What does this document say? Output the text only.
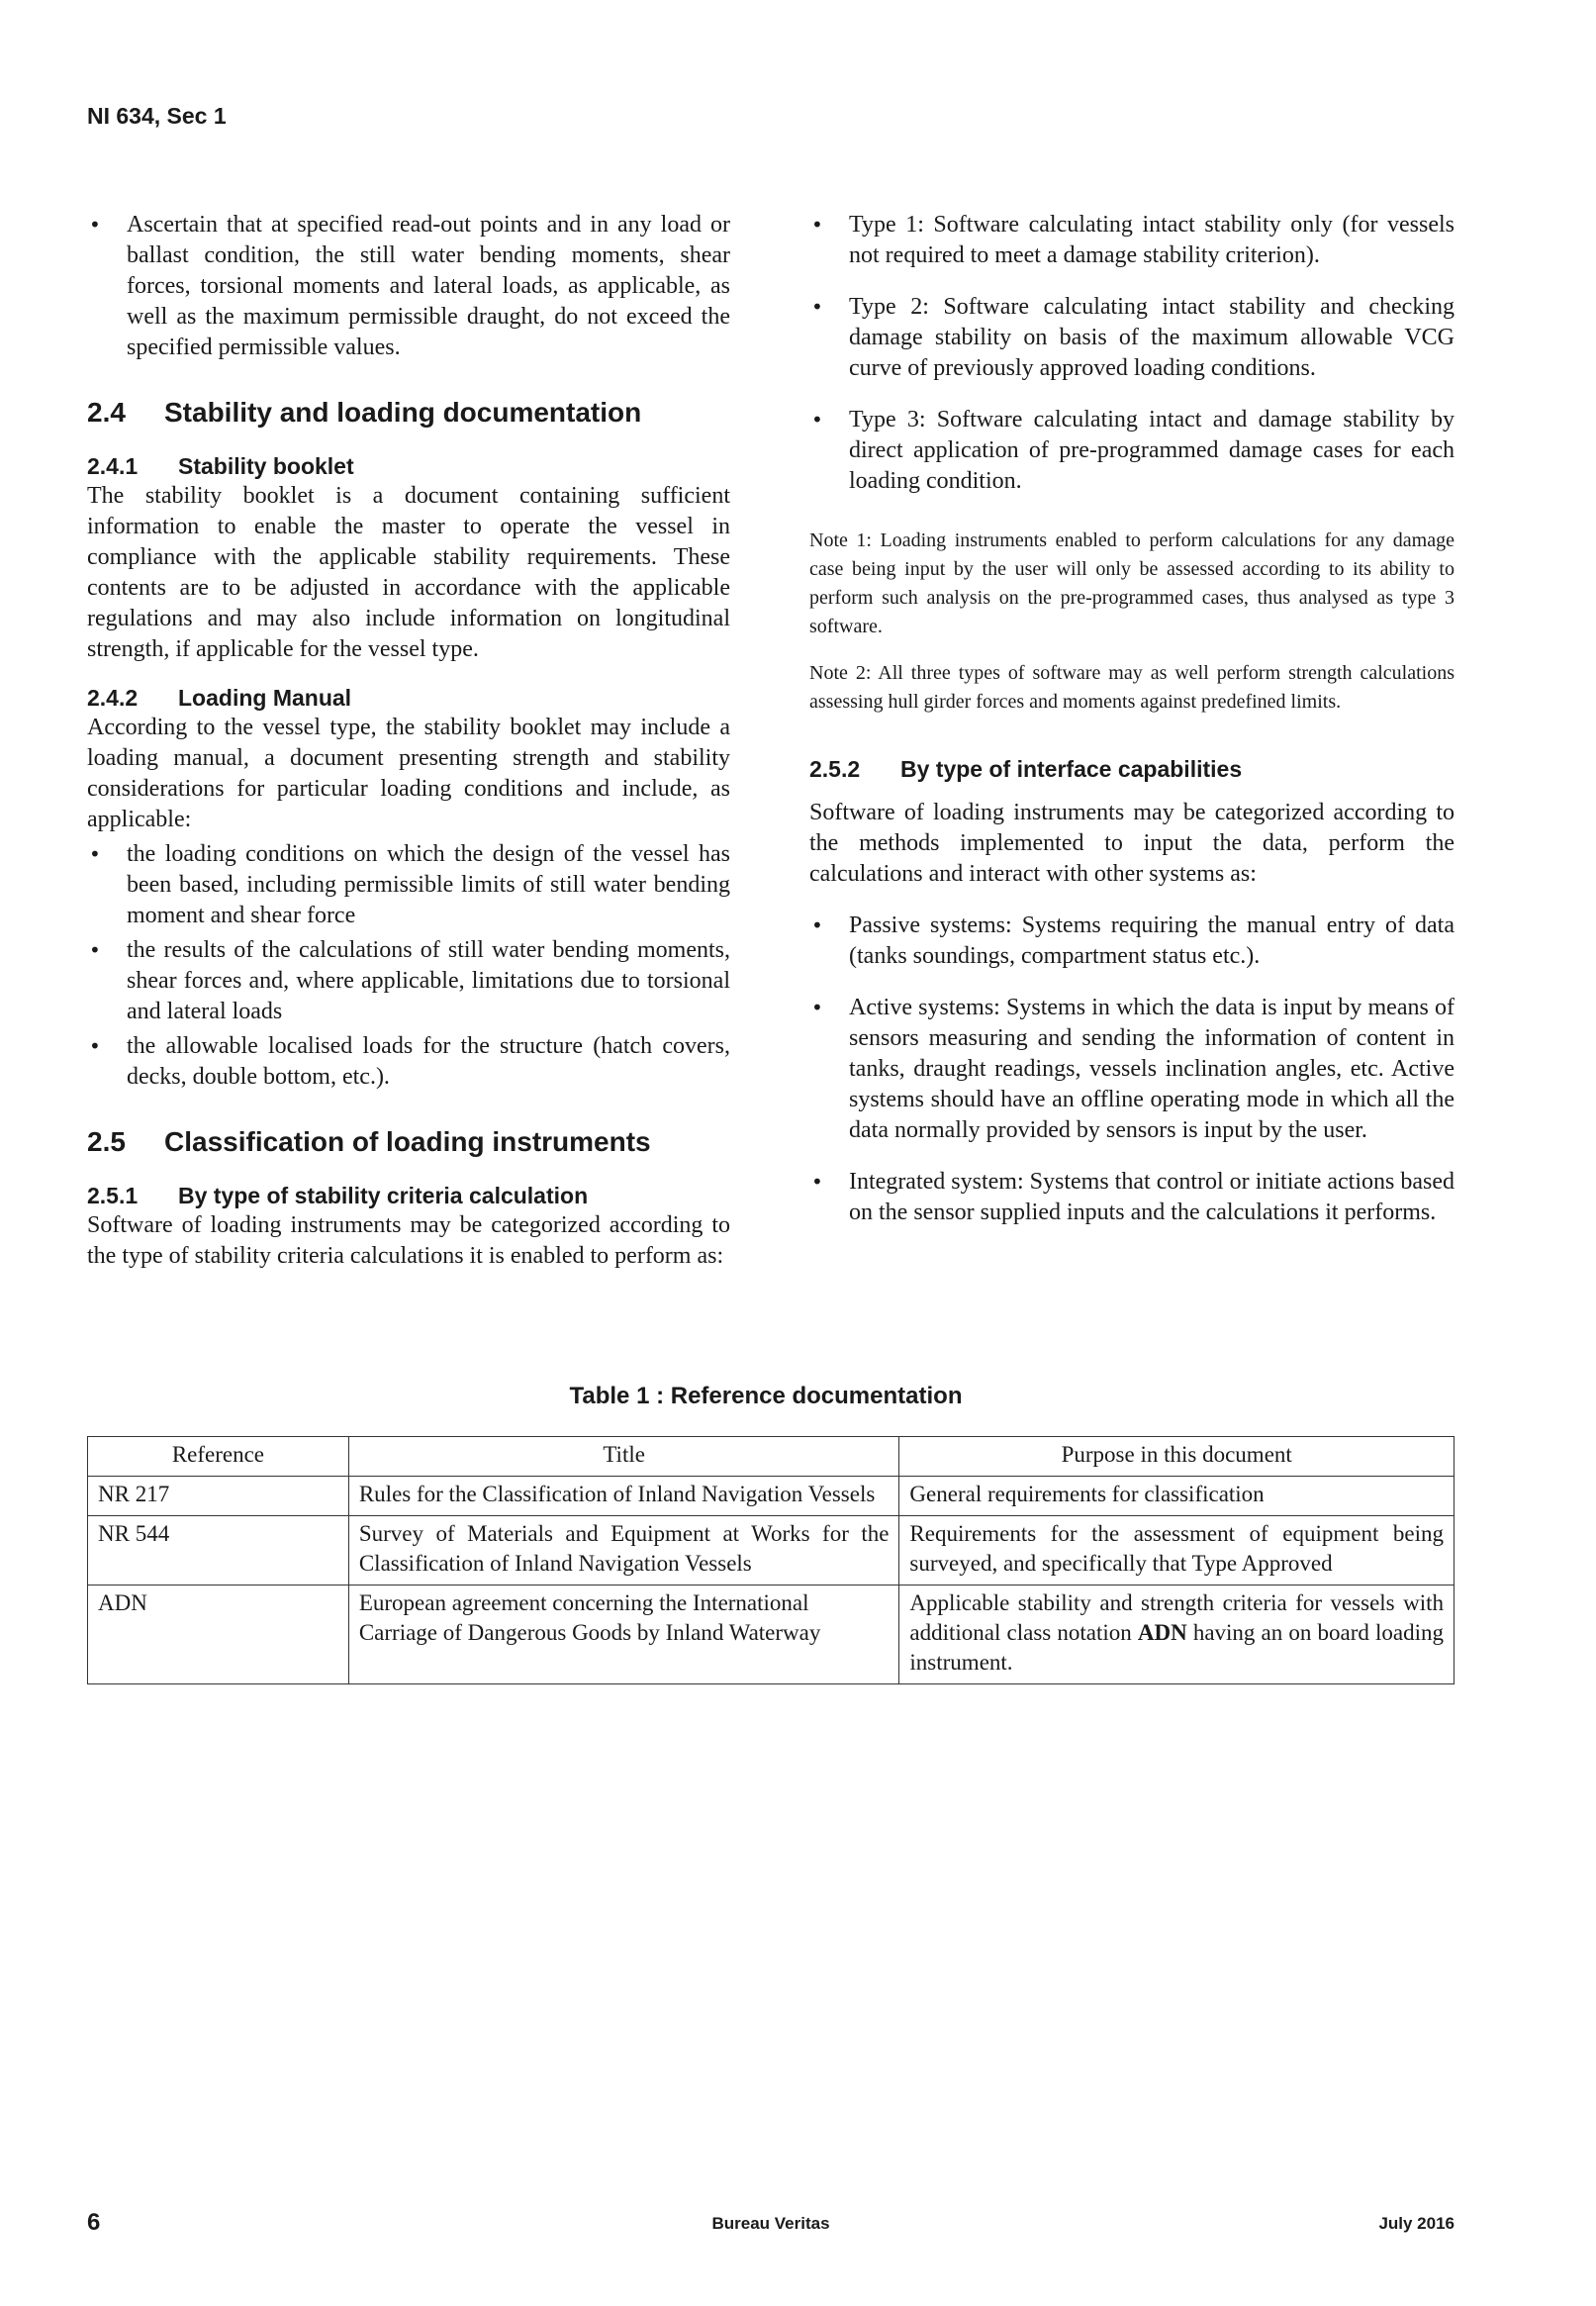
NI 634, Sec 1

• Ascertain that at specified read-out points and in any load or ballast condition, the still water bending moments, shear forces, torsional moments and lateral loads, as applicable, as well as the maximum permissible draught, do not exceed the specified permissible values.

2.4 Stability and loading documentation
2.4.1 Stability booklet

The stability booklet is a document containing sufficient information to enable the master to operate the vessel in compliance with the applicable stability requirements. These contents are to be adjusted in accordance with the applicable regulations and may also include information on longitudinal strength, if applicable for the vessel type.

2.4.2 Loading Manual

According to the vessel type, the stability booklet may include a loading manual, a document presenting strength and stability considerations for particular loading conditions and include, as applicable:

• the loading conditions on which the design of the vessel has been based, including permissible limits of still water bending moment and shear force

• the results of the calculations of still water bending moments, shear forces and, where applicable, limitations due to torsional and lateral loads

• the allowable localised loads for the structure (hatch covers, decks, double bottom, etc.).

2.5 Classification of loading instruments
2.5.1 By type of stability criteria calculation

Software of loading instruments may be categorized according to the type of stability criteria calculations it is enabled to perform as:

• Type 1: Software calculating intact stability only (for vessels not required to meet a damage stability criterion).

• Type 2: Software calculating intact stability and checking damage stability on basis of the maximum allowable VCG curve of previously approved loading conditions.

• Type 3: Software calculating intact and damage stability by direct application of pre-programmed damage cases for each loading condition.

Note 1: Loading instruments enabled to perform calculations for any damage case being input by the user will only be assessed according to its ability to perform such analysis on the pre-programmed cases, thus analysed as type 3 software.

Note 2: All three types of software may as well perform strength calculations assessing hull girder forces and moments against predefined limits.

2.5.2 By type of interface capabilities

Software of loading instruments may be categorized according to the methods implemented to input the data, perform the calculations and interact with other systems as:

• Passive systems: Systems requiring the manual entry of data (tanks soundings, compartment status etc.).

• Active systems: Systems in which the data is input by means of sensors measuring and sending the information of content in tanks, draught readings, vessels inclination angles, etc. Active systems should have an offline operating mode in which all the data normally provided by sensors is input by the user.

• Integrated system: Systems that control or initiate actions based on the sensor supplied inputs and the calculations it performs.

Table 1 : Reference documentation
Reference	Title	Purpose in this document
NR 217	Rules for the Classification of Inland Navigation Vessels	General requirements for classification
NR 544	Survey of Materials and Equipment at Works for the Classification of Inland Navigation Vessels	Requirements for the assessment of equipment being surveyed, and specifically that Type Approved
ADN	European agreement concerning the International Carriage of Dangerous Goods by Inland Waterway	Applicable stability and strength criteria for vessels with additional class notation ADN having an on board loading instrument.
6	Bureau Veritas	July 2016
